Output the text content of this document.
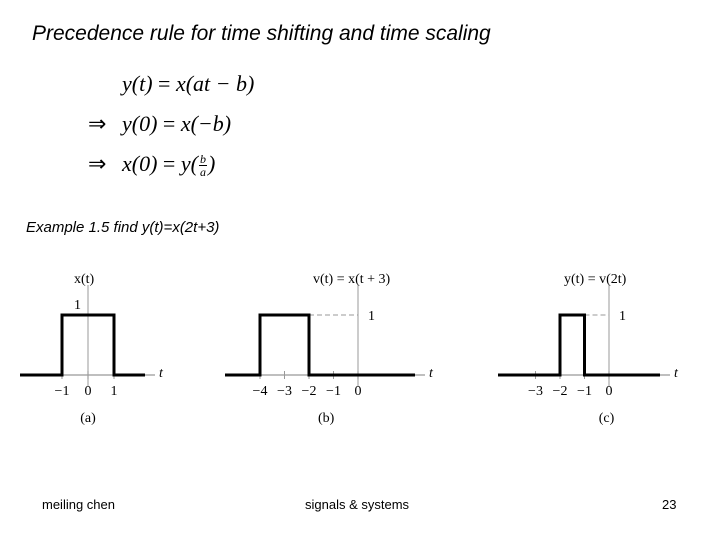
Precedence rule for time shifting and time scaling
y(t) = x(at − b)
⇒ y(0) = x(−b)
⇒ $x(0) = y( \frac{b}{a}$ )
Example 1.5 find y(t)=x(2t+3)
x(t)
t
1
−1 0 1
(a)
v(t) = x(t + 3)
t
1
−4 −3 −2 −1 0
(b)
y(t) = v(2t)
t
1
−3 −2 −1 0
(c)
meiling chen	signals & systems	23
